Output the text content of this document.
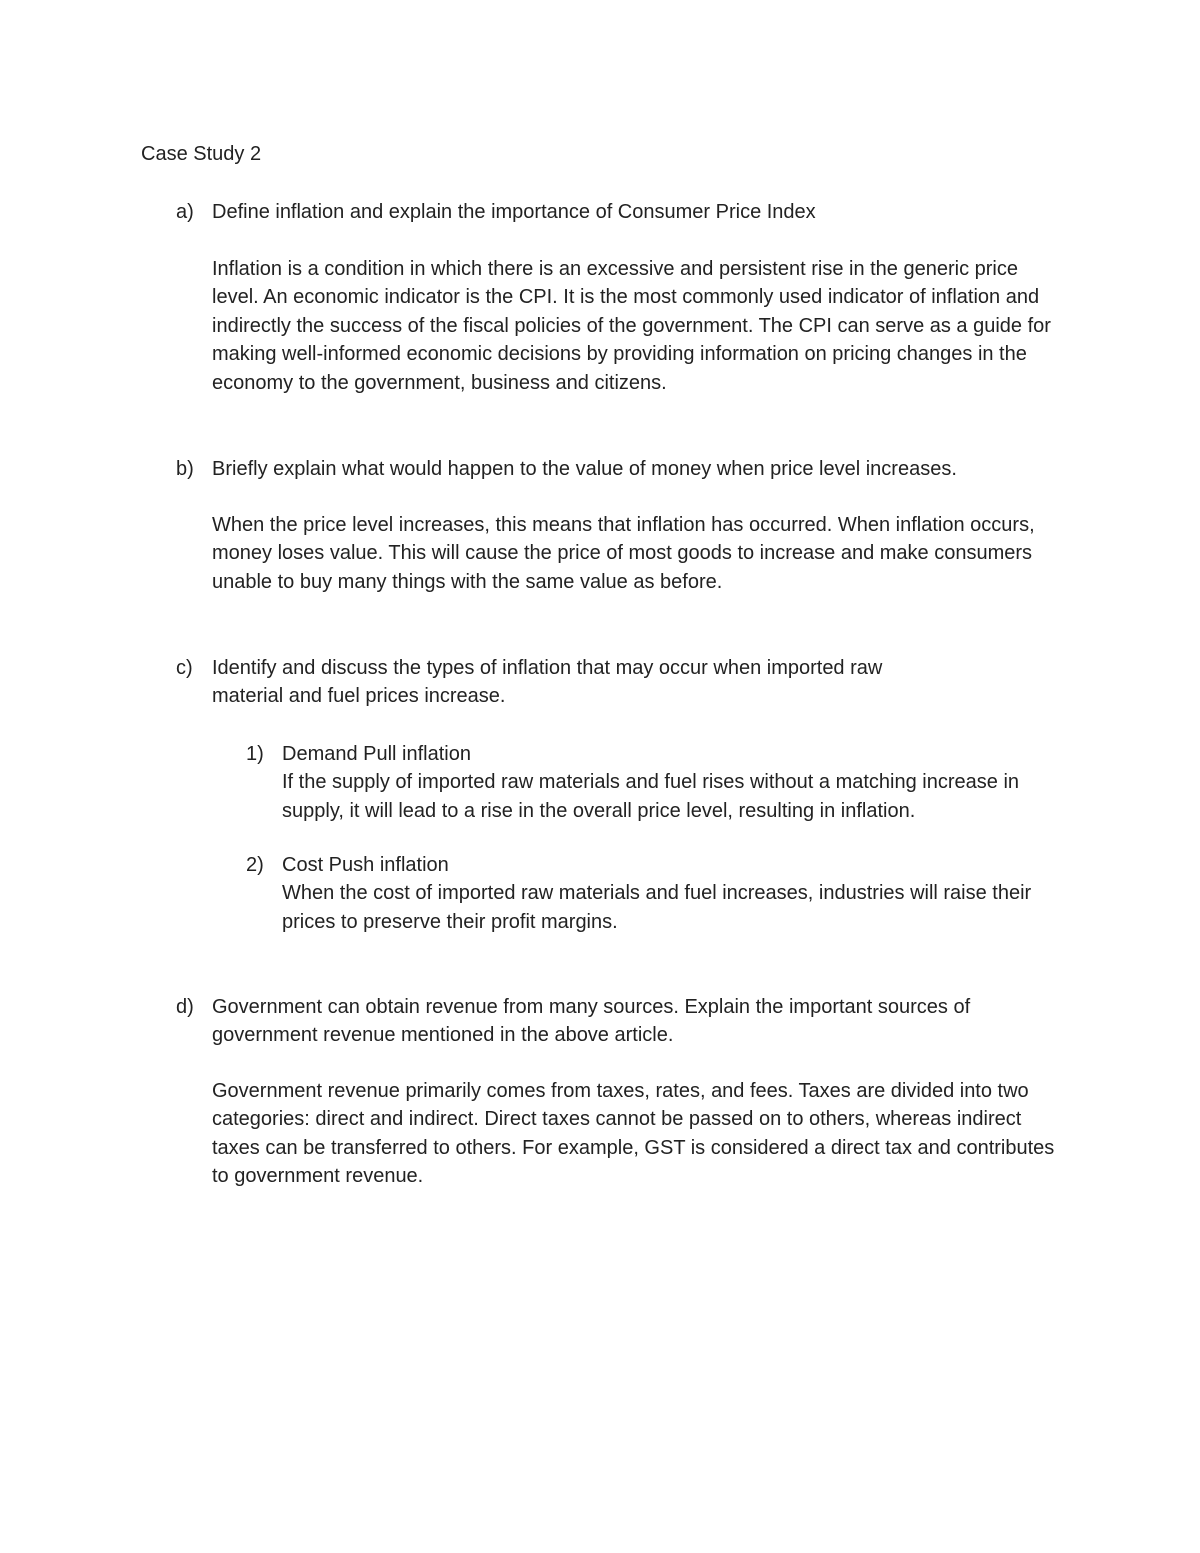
Case Study 2
a) Define inflation and explain the importance of Consumer Price Index
Inflation is a condition in which there is an excessive and persistent rise in the generic price level. An economic indicator is the CPI. It is the most commonly used indicator of inflation and indirectly the success of the fiscal policies of the government. The CPI can serve as a guide for making well-informed economic decisions by providing information on pricing changes in the economy to the government, business and citizens.
b) Briefly explain what would happen to the value of money when price level increases.
When the price level increases, this means that inflation has occurred. When inflation occurs, money loses value. This will cause the price of most goods to increase and make consumers unable to buy many things with the same value as before.
c) Identify and discuss the types of inflation that may occur when imported raw material and fuel prices increase.
1) Demand Pull inflation
If the supply of imported raw materials and fuel rises without a matching increase in supply, it will lead to a rise in the overall price level, resulting in inflation.
2) Cost Push inflation
When the cost of imported raw materials and fuel increases, industries will raise their prices to preserve their profit margins.
d) Government can obtain revenue from many sources. Explain the important sources of government revenue mentioned in the above article.
Government revenue primarily comes from taxes, rates, and fees. Taxes are divided into two categories: direct and indirect. Direct taxes cannot be passed on to others, whereas indirect taxes can be transferred to others. For example, GST is considered a direct tax and contributes to government revenue.
